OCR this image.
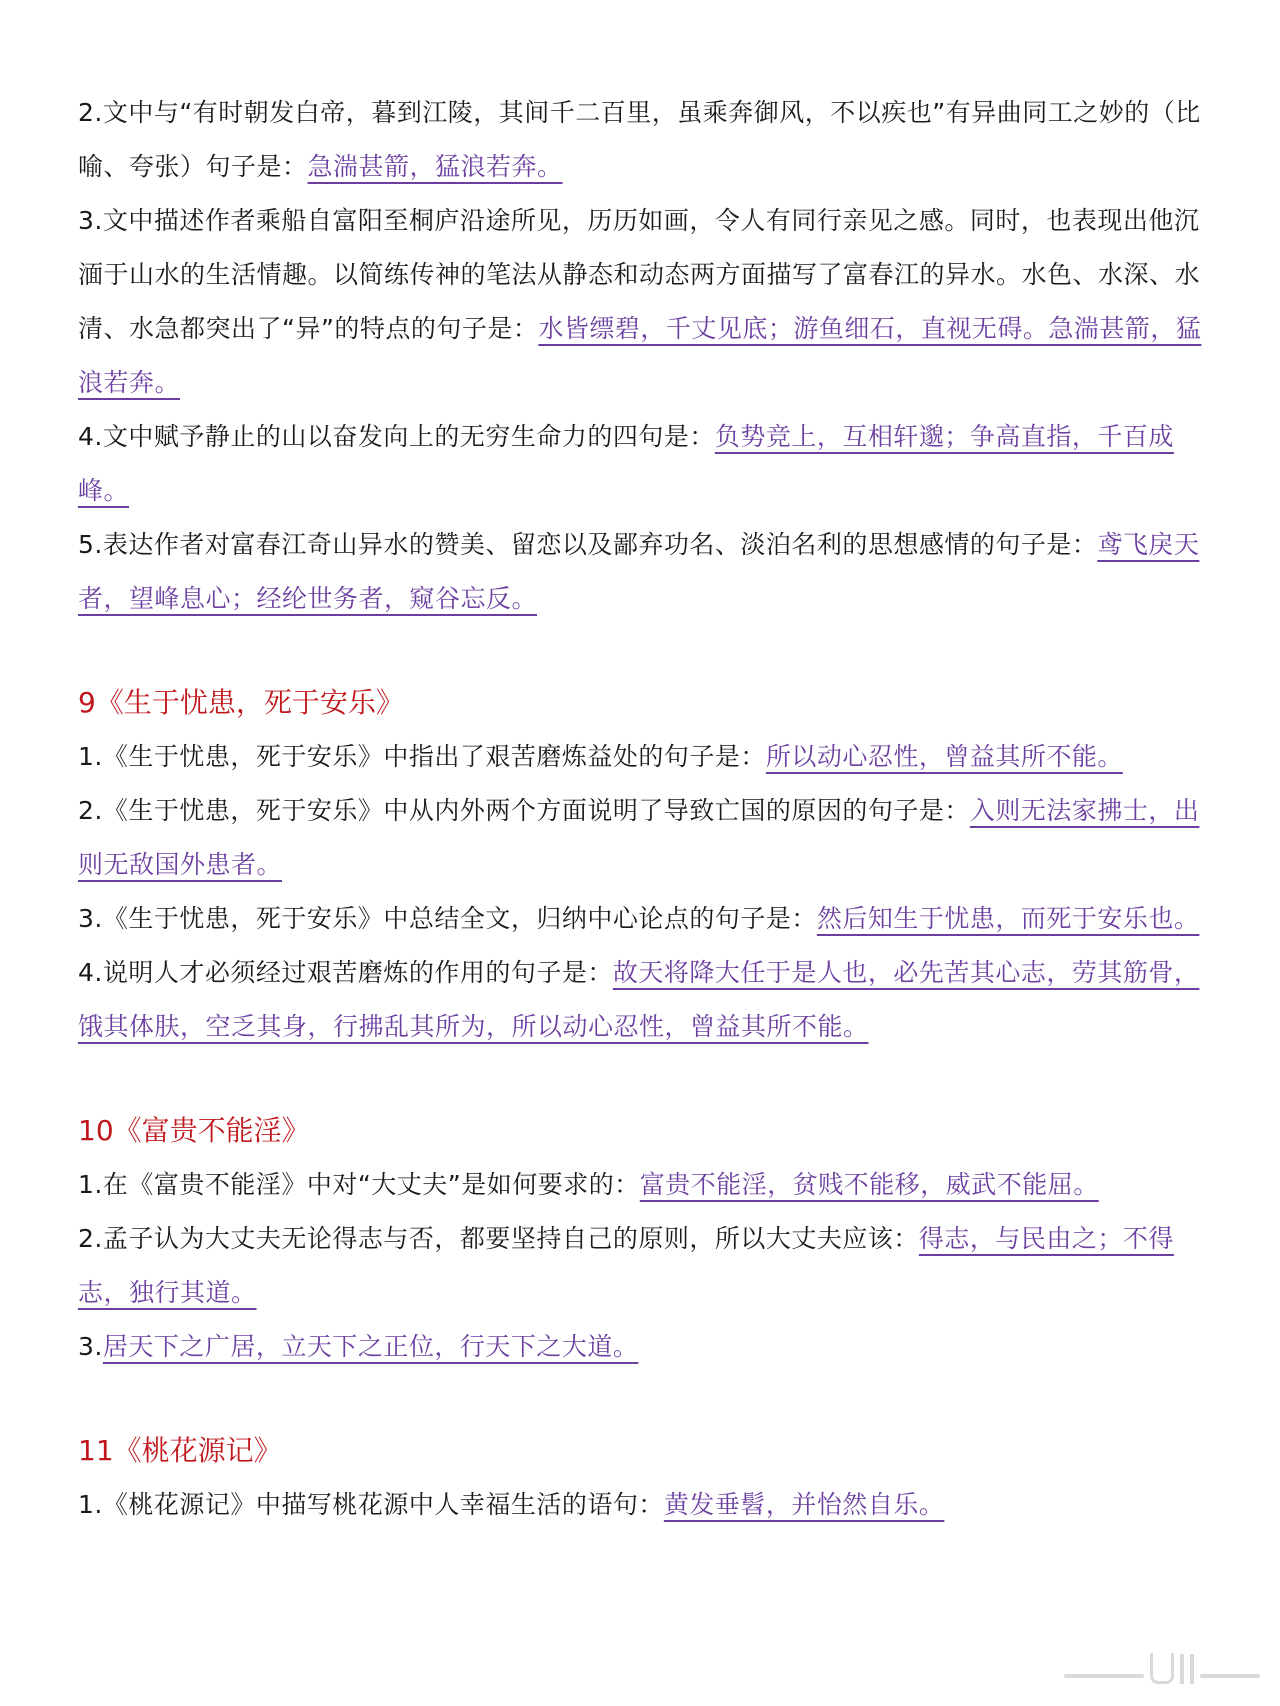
2.文中与“有时朝发白帝，暮到江陵，其间千二百里，虽乘奔御风，不以疾也”有异曲同工之妙的（比喻、夸张）句子是：急湍甚箭，猛浪若奔。

3.文中描述作者乘船自富阳至桐庐沿途所见，历历如画，令人有同行亲见之感。同时，也表现出他沉湎于山水的生活情趣。以简练传神的笔法从静态和动态两方面描写了富春江的异水。水色、水深、水清、水急都突出了“异”的特点的句子是：水皆缥碧，千丈见底；游鱼细石，直视无碍。急湍甚箭，猛浪若奔。

4.文中赋予静止的山以奋发向上的无穷生命力的四句是：负势竞上，互相轩邈；争高直指，千百成峰。

5.表达作者对富春江奇山异水的赞美、留恋以及鄙弃功名、淡泊名利的思想感情的句子是：鸢飞戾天者，望峰息心；经纶世务者，窥谷忘反。

9《生于忧患，死于安乐》

1.《生于忧患，死于安乐》中指出了艰苦磨炼益处的句子是：所以动心忍性，曾益其所不能。

2.《生于忧患，死于安乐》中从内外两个方面说明了导致亡国的原因的句子是：入则无法家拂士，出则无敌国外患者。

3.《生于忧患，死于安乐》中总结全文，归纳中心论点的句子是：然后知生于忧患，而死于安乐也。

4.说明人才必须经过艰苦磨炼的作用的句子是：故天将降大任于是人也，必先苦其心志，劳其筋骨，饿其体肤，空乏其身，行拂乱其所为，所以动心忍性，曾益其所不能。

10《富贵不能淫》

1.在《富贵不能淫》中对“大丈夫”是如何要求的：富贵不能淫，贫贱不能移，威武不能屈。

2.孟子认为大丈夫无论得志与否，都要坚持自己的原则，所以大丈夫应该：得志，与民由之；不得志，独行其道。

3.居天下之广居，立天下之正位，行天下之大道。

11《桃花源记》

1.《桃花源记》中描写桃花源中人幸福生活的语句：黄发垂髫，并怡然自乐。
